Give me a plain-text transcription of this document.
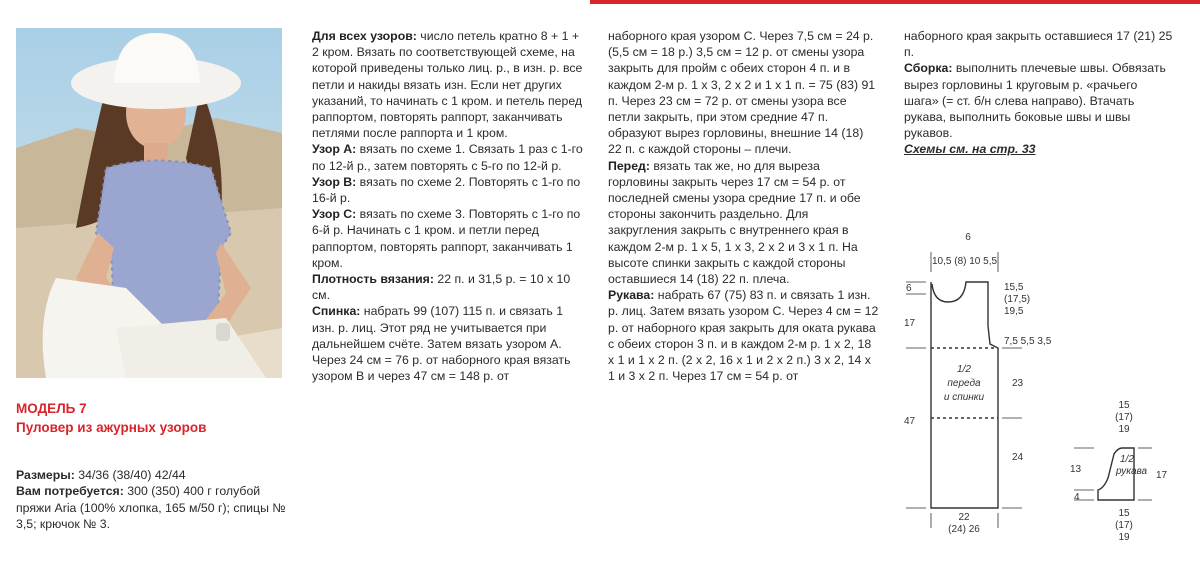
МОДЕЛЬ 7
Пуловер из ажурных узоров
Размеры: 34/36 (38/40) 42/44
Вам потребуется: 300 (350) 400 г голубой пряжи Aria (100% хлопка, 165 м/50 г); спицы № 3,5; крючок № 3.

Для всех узоров: число петель кратно 8 + 1 + 2 кром. Вязать по соответствующей схеме, на которой приведены только лиц. р., в изн. р. все петли и накиды вязать изн. Если нет других указаний, то начинать с 1 кром. и петель перед раппортом, повторять раппорт, заканчивать петлями после раппорта и 1 кром.

Узор А: вязать по схеме 1. Связать 1 раз с 1-го по 12-й р., затем повторять с 5-го по 12-й р.

Узор В: вязать по схеме 2. Повторять с 1-го по 16-й р.

Узор С: вязать по схеме 3. Повторять с 1-го по 6-й р. Начинать с 1 кром. и петли перед раппортом, повторять раппорт, заканчивать 1 кром.

Плотность вязания: 22 п. и 31,5 р. = 10 х 10 см.

Спинка: набрать 99 (107) 115 п. и связать 1 изн. р. лиц. Этот ряд не учитывается при дальнейшем счёте. Затем вязать узором А. Через 24 см = 76 р. от наборного края вязать узором В и через 47 см = 148 р. от

наборного края узором С. Через 7,5 см = 24 р. (5,5 см = 18 р.) 3,5 см = 12 р. от смены узора закрыть для пройм с обеих сторон 4 п. и в каждом 2-м р. 1 х 3, 2 х 2 и 1 х 1 п. = 75 (83) 91 п. Через 23 см = 72 р. от смены узора все петли закрыть, при этом средние 47 п. образуют вырез горловины, внешние 14 (18) 22 п. с каждой стороны – плечи.

Перед: вязать так же, но для выреза горловины закрыть через 17 см = 54 р. от последней смены узора средние 17 п. и обе стороны закончить раздельно. Для закругления закрыть с внутреннего края в каждом 2-м р. 1 х 5, 1 х 3, 2 х 2 и 3 х 1 п. На высоте спинки закрыть с каждой стороны оставшиеся 14 (18) 22 п. плеча.

Рукава: набрать 67 (75) 83 п. и связать 1 изн. р. лиц. Затем вязать узором С. Через 4 см = 12 р. от наборного края закрыть для оката рукава с обеих сторон 3 п. и в каждом 2-м р. 1 х 2, 18 х 1 и 1 х 2 п. (2 х 2, 16 х 1 и 2 х 2 п.) 3 х 2, 14 х 1 и 3 х 2 п. Через 17 см = 54 р. от

наборного края закрыть оставшиеся 17 (21) 25 п.

Сборка: выполнить плечевые швы. Обвязать вырез горловины 1 круговым р. «рачьего шага» (= ст. б/н слева направо). Втачать рукава, выполнить боковые швы и швы рукавов.

Схемы см. на стр. 33

6
10,5 (8) 10 5,5
15,5
(17,5)
19,5
6
17
7,5 5,5 3,5
1/2
переда
и спинки
23
47
24
22
(24) 26
15
(17)
19
13
4
17
1/2
рукава
15
(17)
19
